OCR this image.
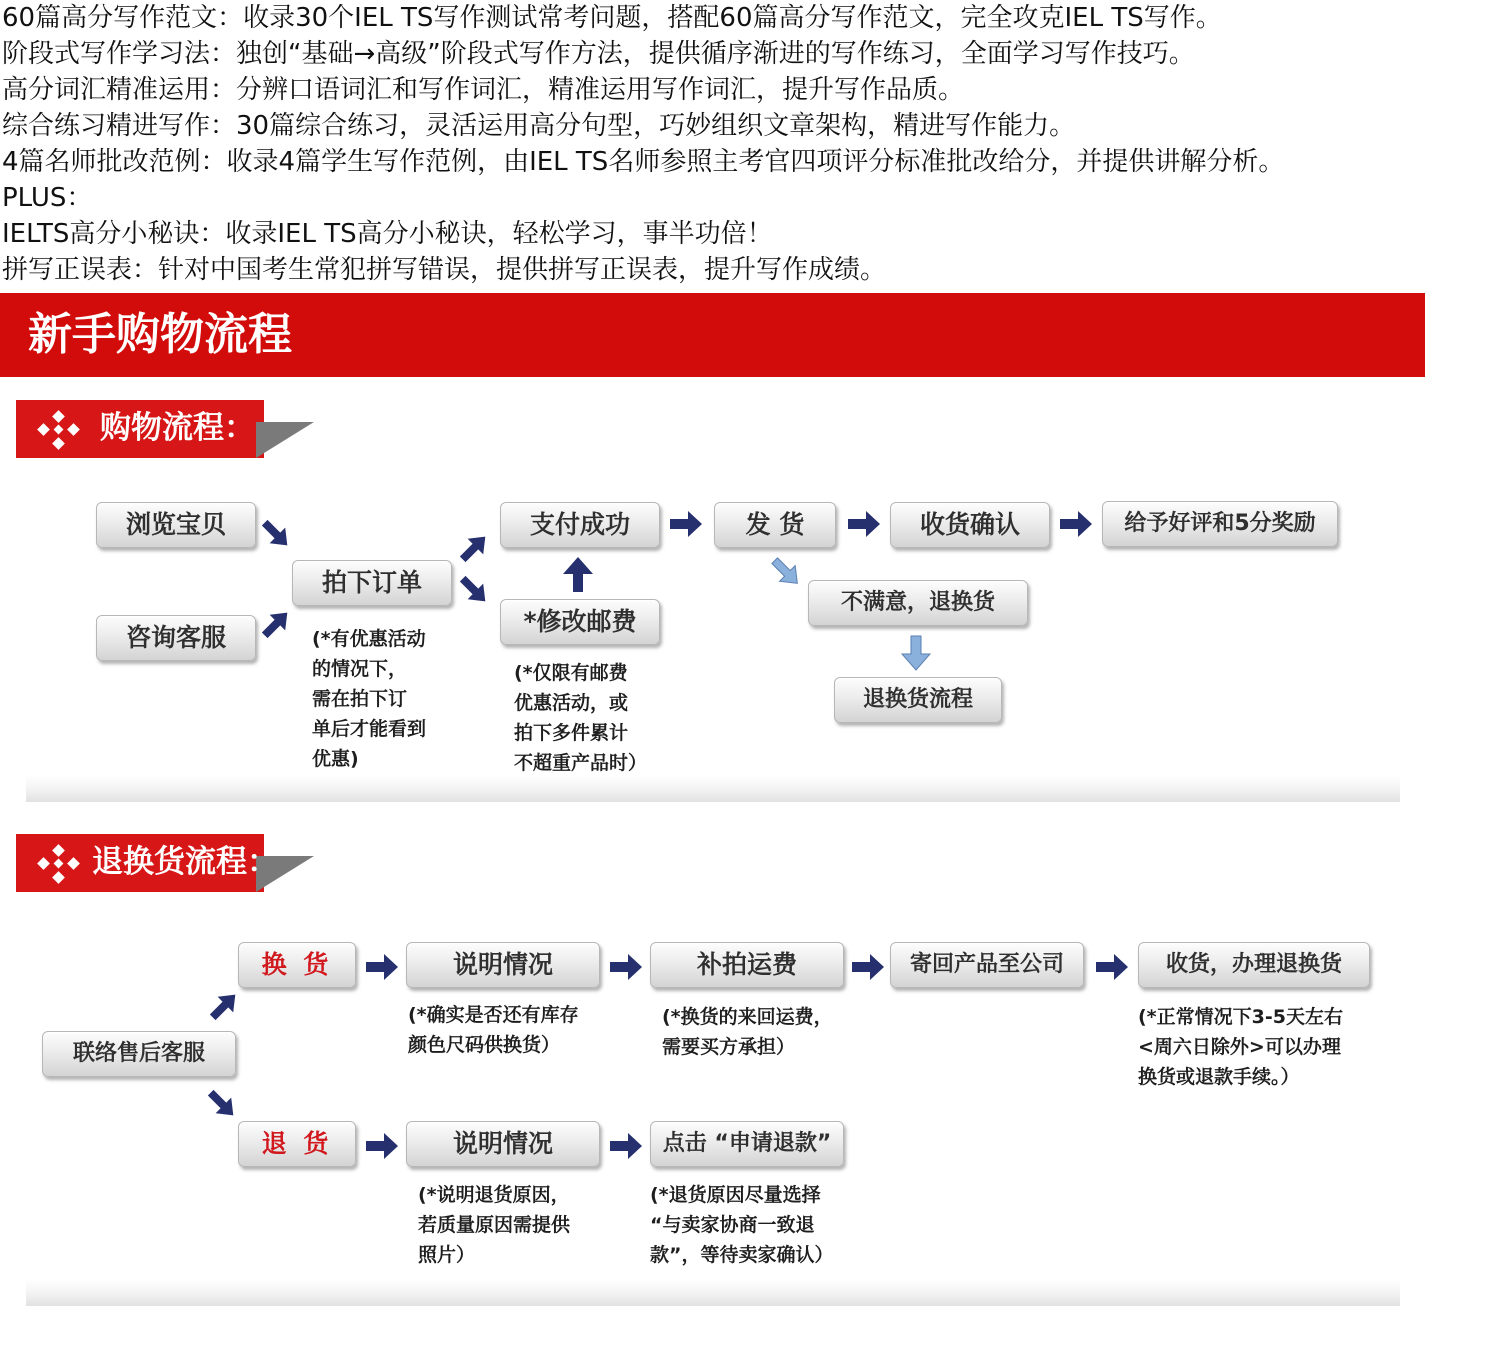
60篇高分写作范文：收录30个IEL TS写作测试常考问题，搭配60篇高分写作范文，完全攻克IEL TS写作。
阶段式写作学习法：独创“基础→高级”阶段式写作方法，提供循序渐进的写作练习，全面学习写作技巧。
高分词汇精准运用：分辨口语词汇和写作词汇，精准运用写作词汇，提升写作品质。
综合练习精进写作：30篇综合练习，灵活运用高分句型，巧妙组织文章架构，精进写作能力。
4篇名师批改范例：收录4篇学生写作范例，由IEL TS名师参照主考官四项评分标准批改给分，并提供讲解分析。
PLUS：
IELTS高分小秘诀：收录IEL TS高分小秘诀，轻松学习，事半功倍！
拼写正误表：针对中国考生常犯拼写错误，提供拼写正误表，提升写作成绩。
新手购物流程
购物流程：
浏览宝贝
咨询客服
拍下订单
(*有优惠活动
的情况下，
需在拍下订
单后才能看到
优惠)
支付成功
*修改邮费
(*仅限有邮费
优惠活动，或
拍下多件累计
不超重产品时）
发 货	收货确认	给予好评和5分奖励
不满意，退换货
退换货流程
退换货流程：
联络售后客服
换 货
退 货
说明情况
(*确实是否还有库存
颜色尺码供换货）
补拍运费
(*换货的来回运费，
需要买方承担）
寄回产品至公司	收货，办理退换货
(*正常情况下3-5天左右
<周六日除外>可以办理
换货或退款手续。）
说明情况
(*说明退货原因，
若质量原因需提供
照片）
点击 “申请退款”
(*退货原因尽量选择
“与卖家协商一致退
款”，等待卖家确认）
